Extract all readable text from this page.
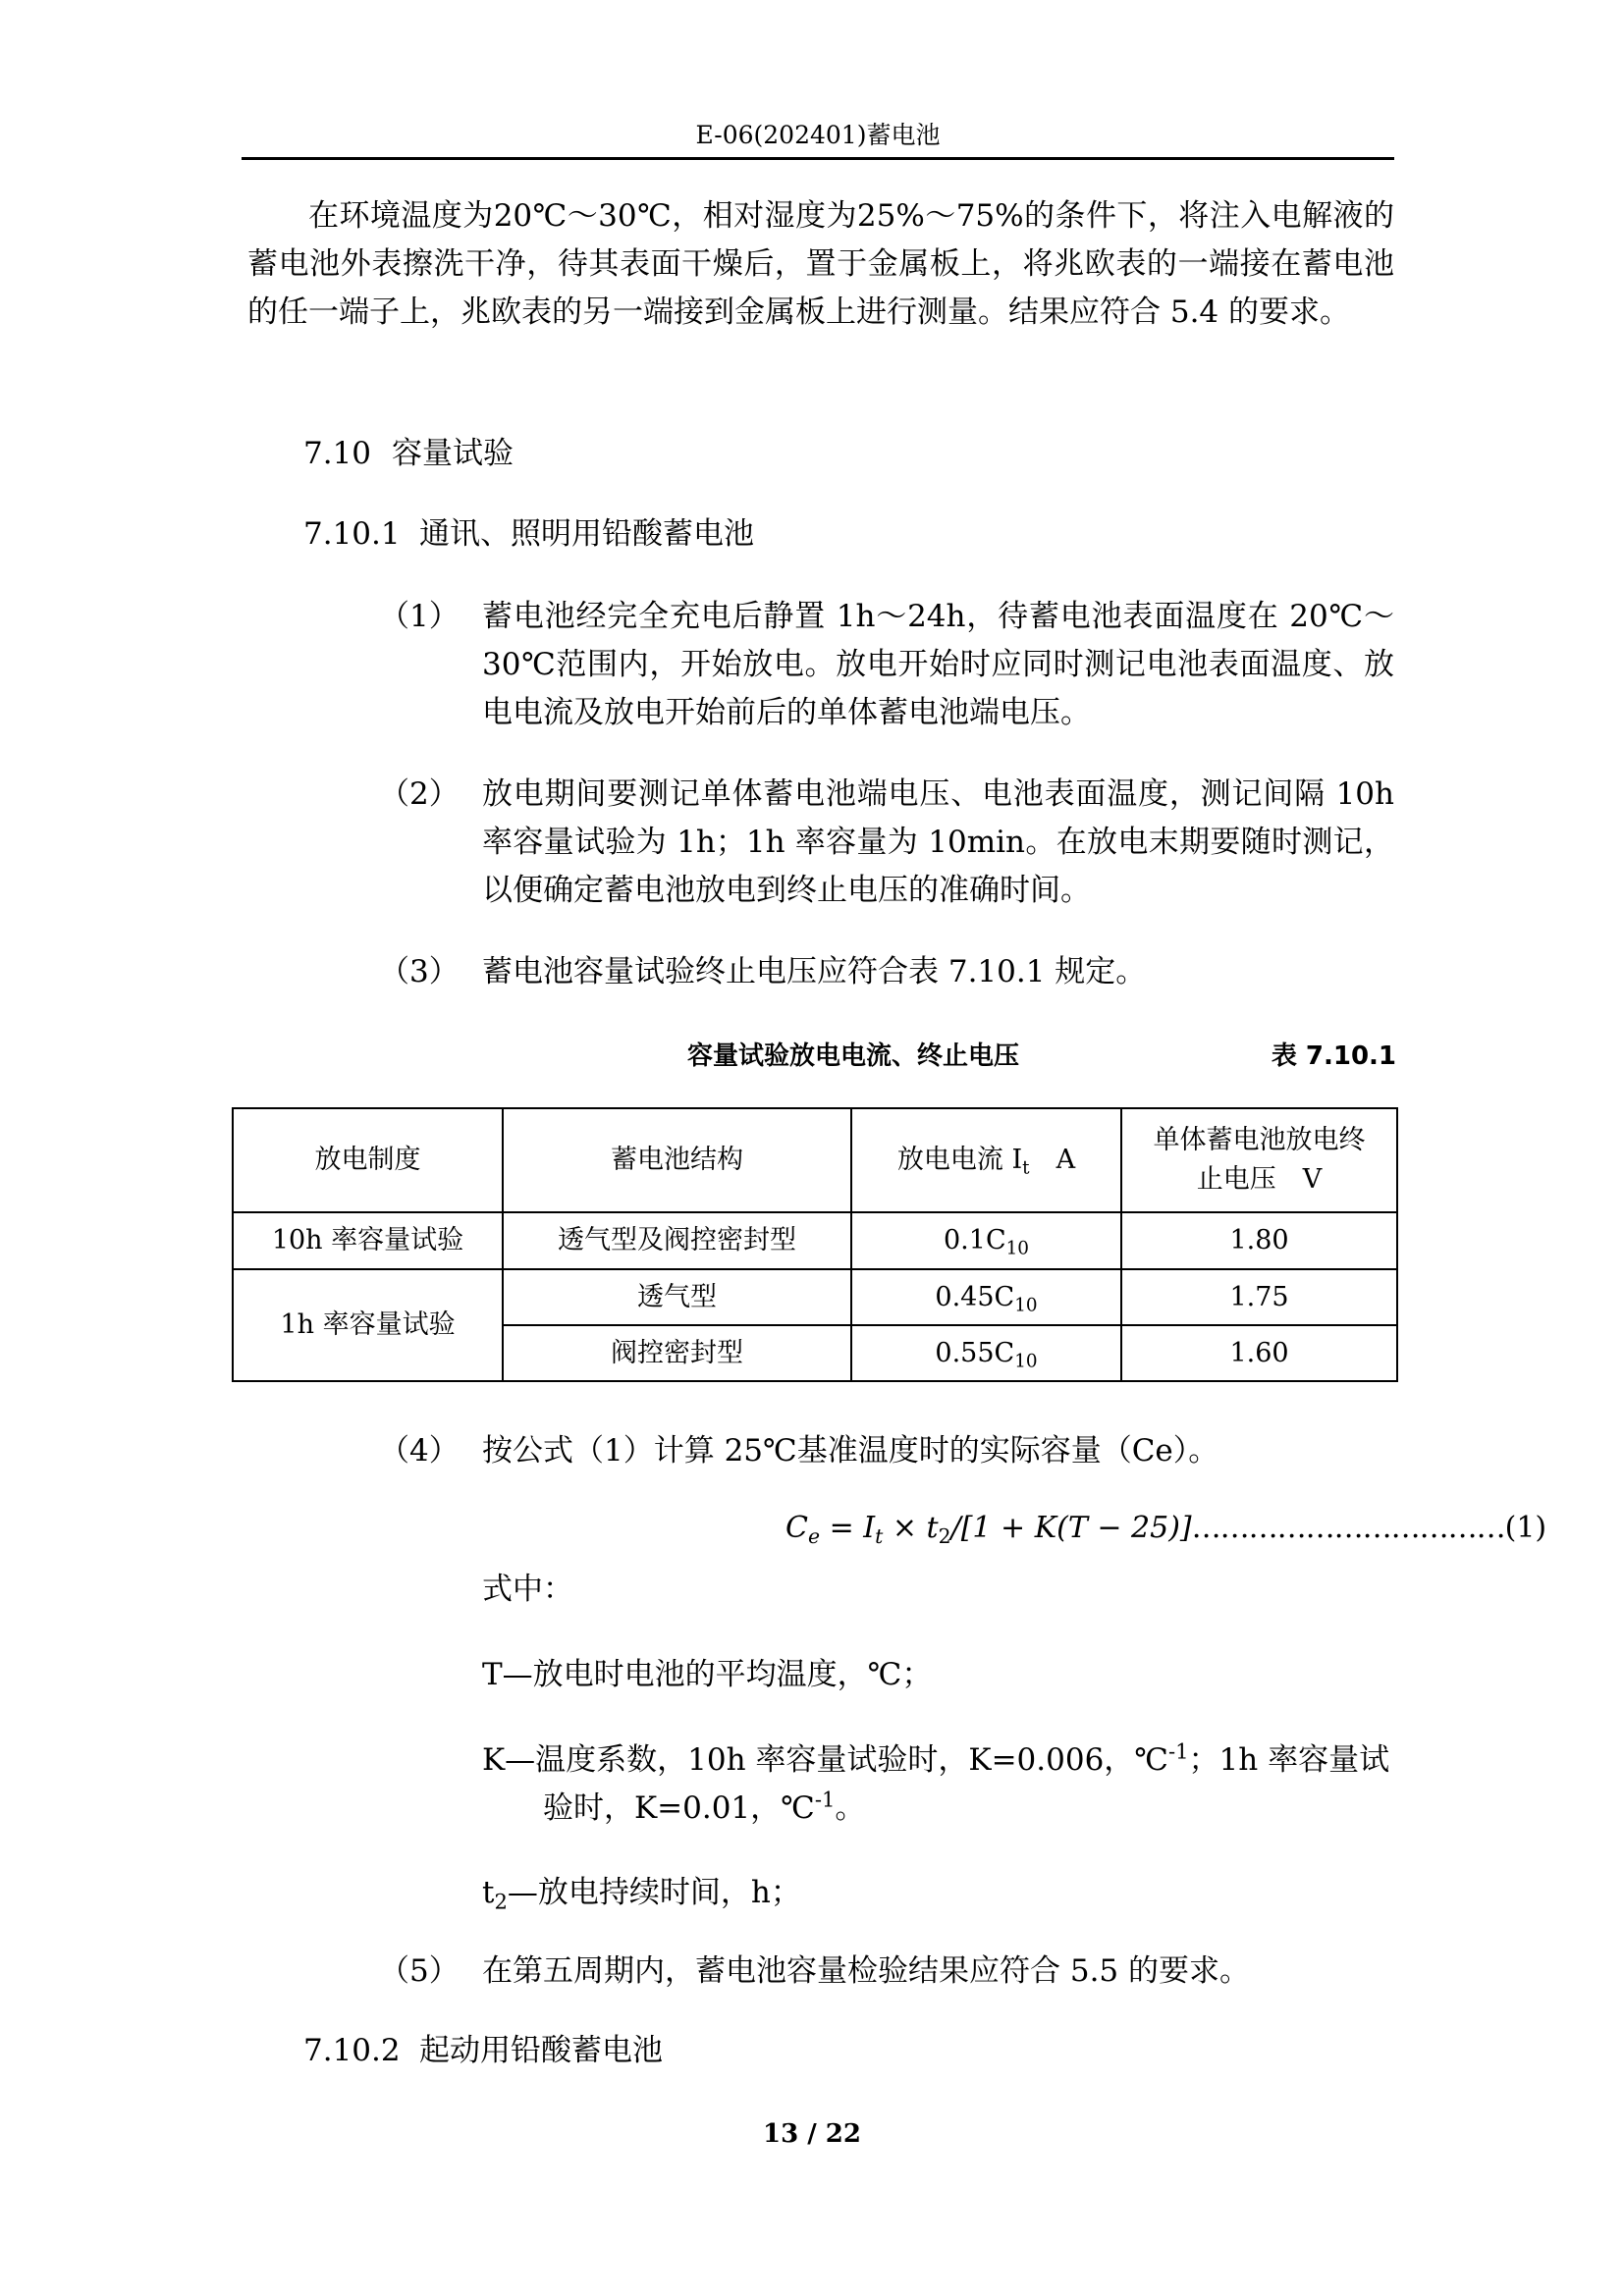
E-06(202401)蓄电池

在环境温度为20℃～30℃，相对湿度为25%～75%的条件下，将注入电解液的蓄电池外表擦洗干净，待其表面干燥后，置于金属板上，将兆欧表的一端接在蓄电池的任一端子上，兆欧表的另一端接到金属板上进行测量。结果应符合 5.4 的要求。

7.10 容量试验
7.10.1 通讯、照明用铅酸蓄电池
（1） 蓄电池经完全充电后静置 1h～24h，待蓄电池表面温度在 20℃～30℃范围内，开始放电。放电开始时应同时测记电池表面温度、放电电流及放电开始前后的单体蓄电池端电压。
（2） 放电期间要测记单体蓄电池端电压、电池表面温度，测记间隔 10h 率容量试验为 1h；1h 率容量为 10min。在放电末期要随时测记，以便确定蓄电池放电到终止电压的准确时间。
（3） 蓄电池容量试验终止电压应符合表 7.10.1 规定。
容量试验放电电流、终止电压	表 7.10.1
放电制度	蓄电池结构	放电电流 $I_t$　 A	单体蓄电池放电终
止电压　V
10h 率容量试验	透气型及阀控密封型	$0.1C_{10}$	1.80
1h 率容量试验	透气型	$0.45C_{10}$	1.75
	阀控密封型	$0.55C_{10}$	1.60
（4） 按公式（1）计算 25℃基准温度时的实际容量（Ce）。
$C_e = I_t \times t_2/[1 + K(T$ − 25)]……………………………(1)
式中：
T—放电时电池的平均温度，℃；
K—温度系数，10h 率容量试验时，K=0.006，℃$^{-1}$；1h 率容量试验时，K=0.01，℃$^{-1}$。
$t_2—$放电持续时间，h；
（5） 在第五周期内，蓄电池容量检验结果应符合 5.5 的要求。
7.10.2 起动用铅酸蓄电池
13 / 22
